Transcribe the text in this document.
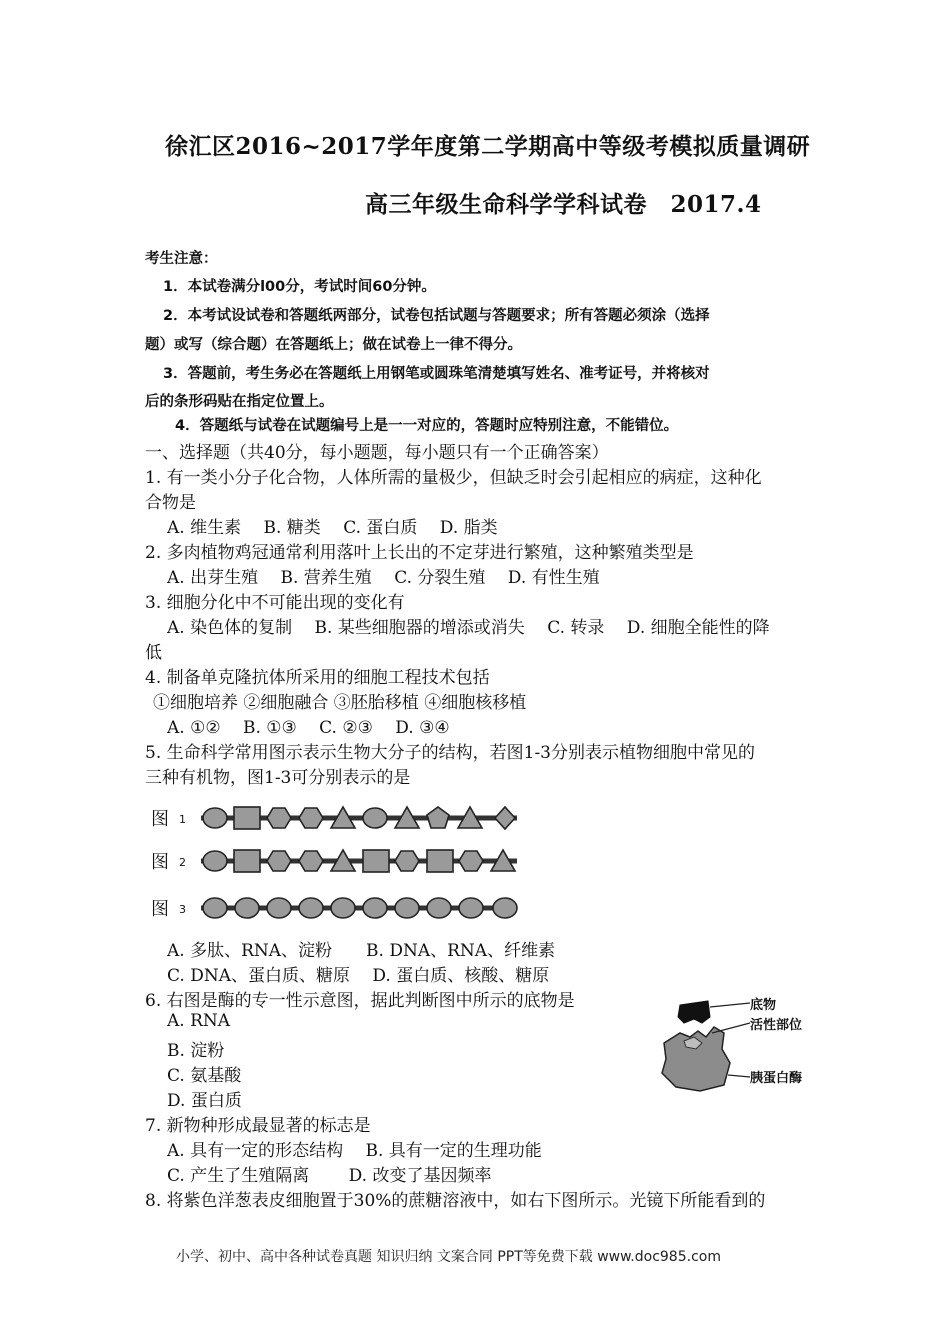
徐汇区2016~2017学年度第二学期高中等级考模拟质量调研
高三年级生命科学学科试卷　2017.4
考生注意：
1．本试卷满分l00分，考试时间60分钟。
2．本考试设试卷和答题纸两部分，试卷包括试题与答题要求；所有答题必须涂（选择
题）或写（综合题）在答题纸上；做在试卷上一律不得分。
3．答题前，考生务必在答题纸上用钢笔或圆珠笔清楚填写姓名、准考证号，并将核对
后的条形码贴在指定位置上。
4．答题纸与试卷在试题编号上是一一对应的，答题时应特别注意，不能错位。
一、选择题（共40分，每小题题，每小题只有一个正确答案）
1. 有一类小分子化合物，人体所需的量极少，但缺乏时会引起相应的病症，这种化
合物是
A. 维生素　 B. 糖类　 C. 蛋白质　 D. 脂类
2. 多肉植物鸡冠通常利用落叶上长出的不定芽进行繁殖，这种繁殖类型是
A. 出芽生殖　 B. 营养生殖　 C. 分裂生殖　 D. 有性生殖
3. 细胞分化中不可能出现的变化有
A. 染色体的复制　 B. 某些细胞器的增添或消失　 C. 转录　 D. 细胞全能性的降
低
4. 制备单克隆抗体所采用的细胞工程技术包括
①细胞培养 ②细胞融合 ③胚胎移植 ④细胞核移植
A. ①②　 B. ①③　 C. ②③　 D. ③④
5. 生命科学常用图示表示生物大分子的结构，若图1-3分别表示植物细胞中常见的
三种有机物，图1-3可分别表示的是
图 1
图 2
图 3
A. 多肽、RNA、淀粉　　B. DNA、RNA、纤维素
C. DNA、蛋白质、糖原　 D. 蛋白质、核酸、糖原
6. 右图是酶的专一性示意图，据此判断图中所示的底物是
A. RNA
B. 淀粉
C. 氨基酸
D. 蛋白质
底物
活性部位
胰蛋白酶
7. 新物种形成最显著的标志是
A. 具有一定的形态结构　 B. 具有一定的生理功能
C. 产生了生殖隔离　　 D. 改变了基因频率
8. 将紫色洋葱表皮细胞置于30%的蔗糖溶液中，如右下图所示。光镜下所能看到的
小学、初中、高中各种试卷真题 知识归纳 文案合同 PPT等免费下载 www.doc985.com
